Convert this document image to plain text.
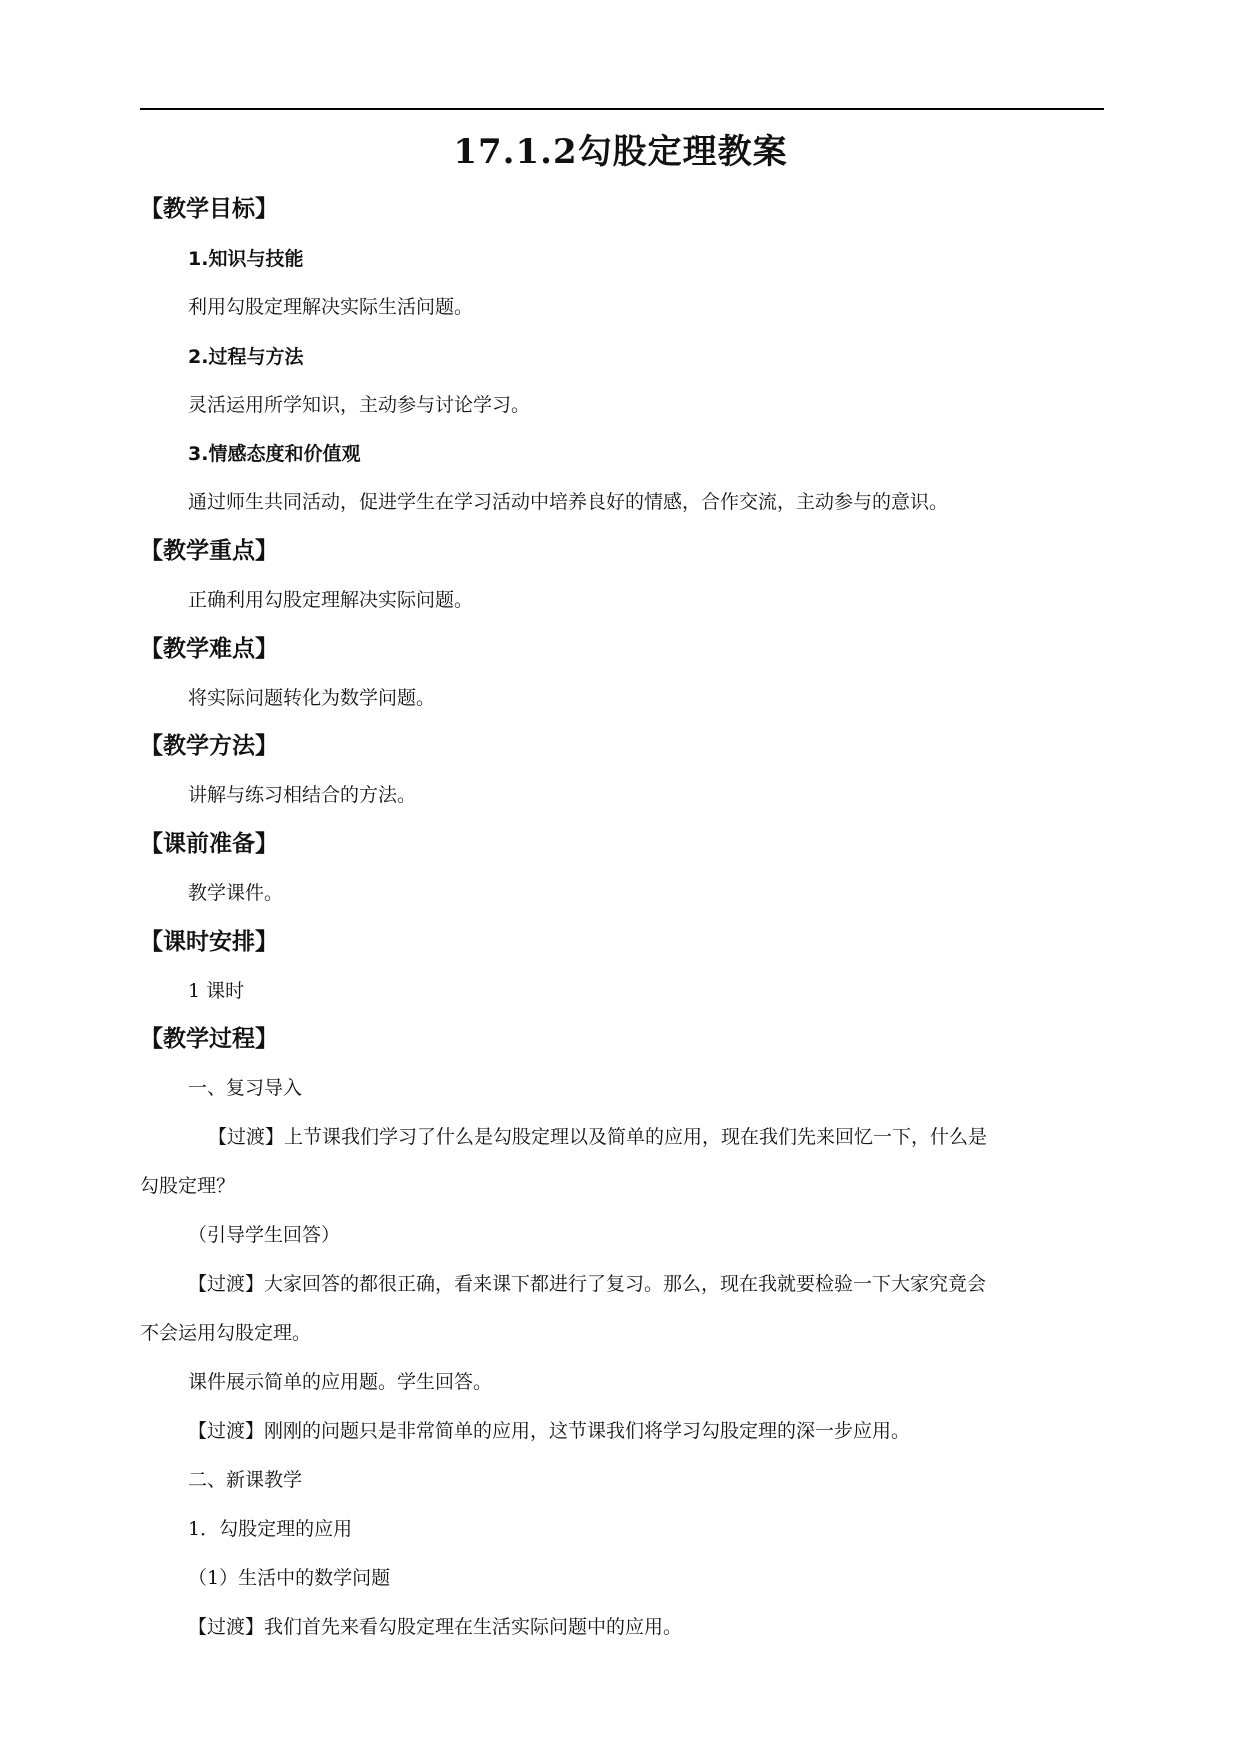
17.1.2勾股定理教案
【教学目标】
1.知识与技能
利用勾股定理解决实际生活问题。
2.过程与方法
灵活运用所学知识，主动参与讨论学习。
3.情感态度和价值观
通过师生共同活动，促进学生在学习活动中培养良好的情感，合作交流，主动参与的意识。
【教学重点】
正确利用勾股定理解决实际问题。
【教学难点】
将实际问题转化为数学问题。
【教学方法】
讲解与练习相结合的方法。
【课前准备】
教学课件。
【课时安排】
1 课时
【教学过程】
一、复习导入
【过渡】上节课我们学习了什么是勾股定理以及简单的应用，现在我们先来回忆一下，什么是
勾股定理？
（引导学生回答）
【过渡】大家回答的都很正确，看来课下都进行了复习。那么，现在我就要检验一下大家究竟会
不会运用勾股定理。
课件展示简单的应用题。学生回答。
【过渡】刚刚的问题只是非常简单的应用，这节课我们将学习勾股定理的深一步应用。
二、新课教学
1．勾股定理的应用
（1）生活中的数学问题
【过渡】我们首先来看勾股定理在生活实际问题中的应用。
